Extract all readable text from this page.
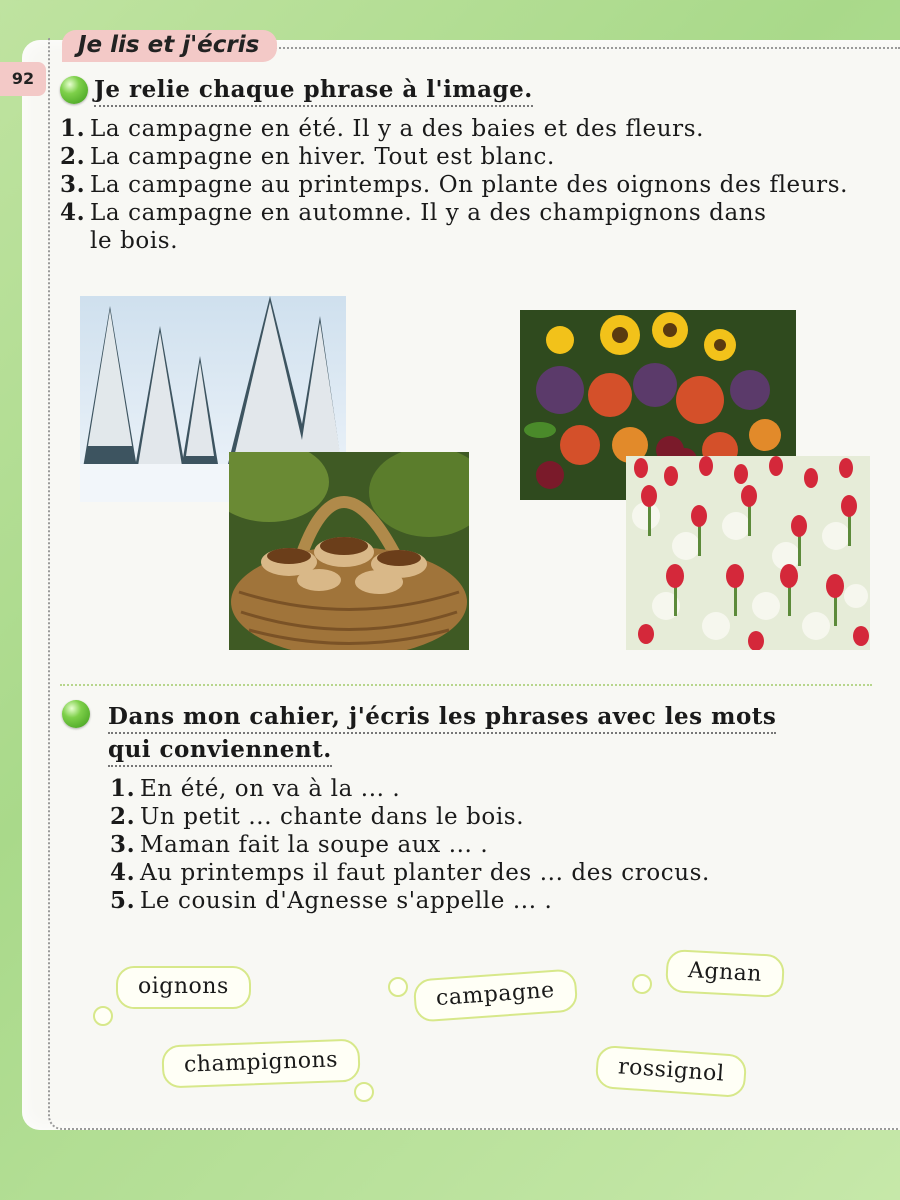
Je lis et j'écris
92	Je relie chaque phrase à l'image.
1. La campagne en été. Il y a des baies et des fleurs.
2. La campagne en hiver. Tout est blanc.
3. La campagne au printemps. On plante des oignons des fleurs.
4. La campagne en automne. Il y a des champignons dans
le bois.
Dans mon cahier, j'écris les phrases avec les mots
qui conviennent.
1. En été, on va à la ... .
2. Un petit ... chante dans le bois.
3. Maman fait la soupe aux ... .
4. Au printemps il faut planter des ... des crocus.
5. Le cousin d'Agnesse s'appelle ... .
oignons	campagne
Agnan
champignons	rossignol
